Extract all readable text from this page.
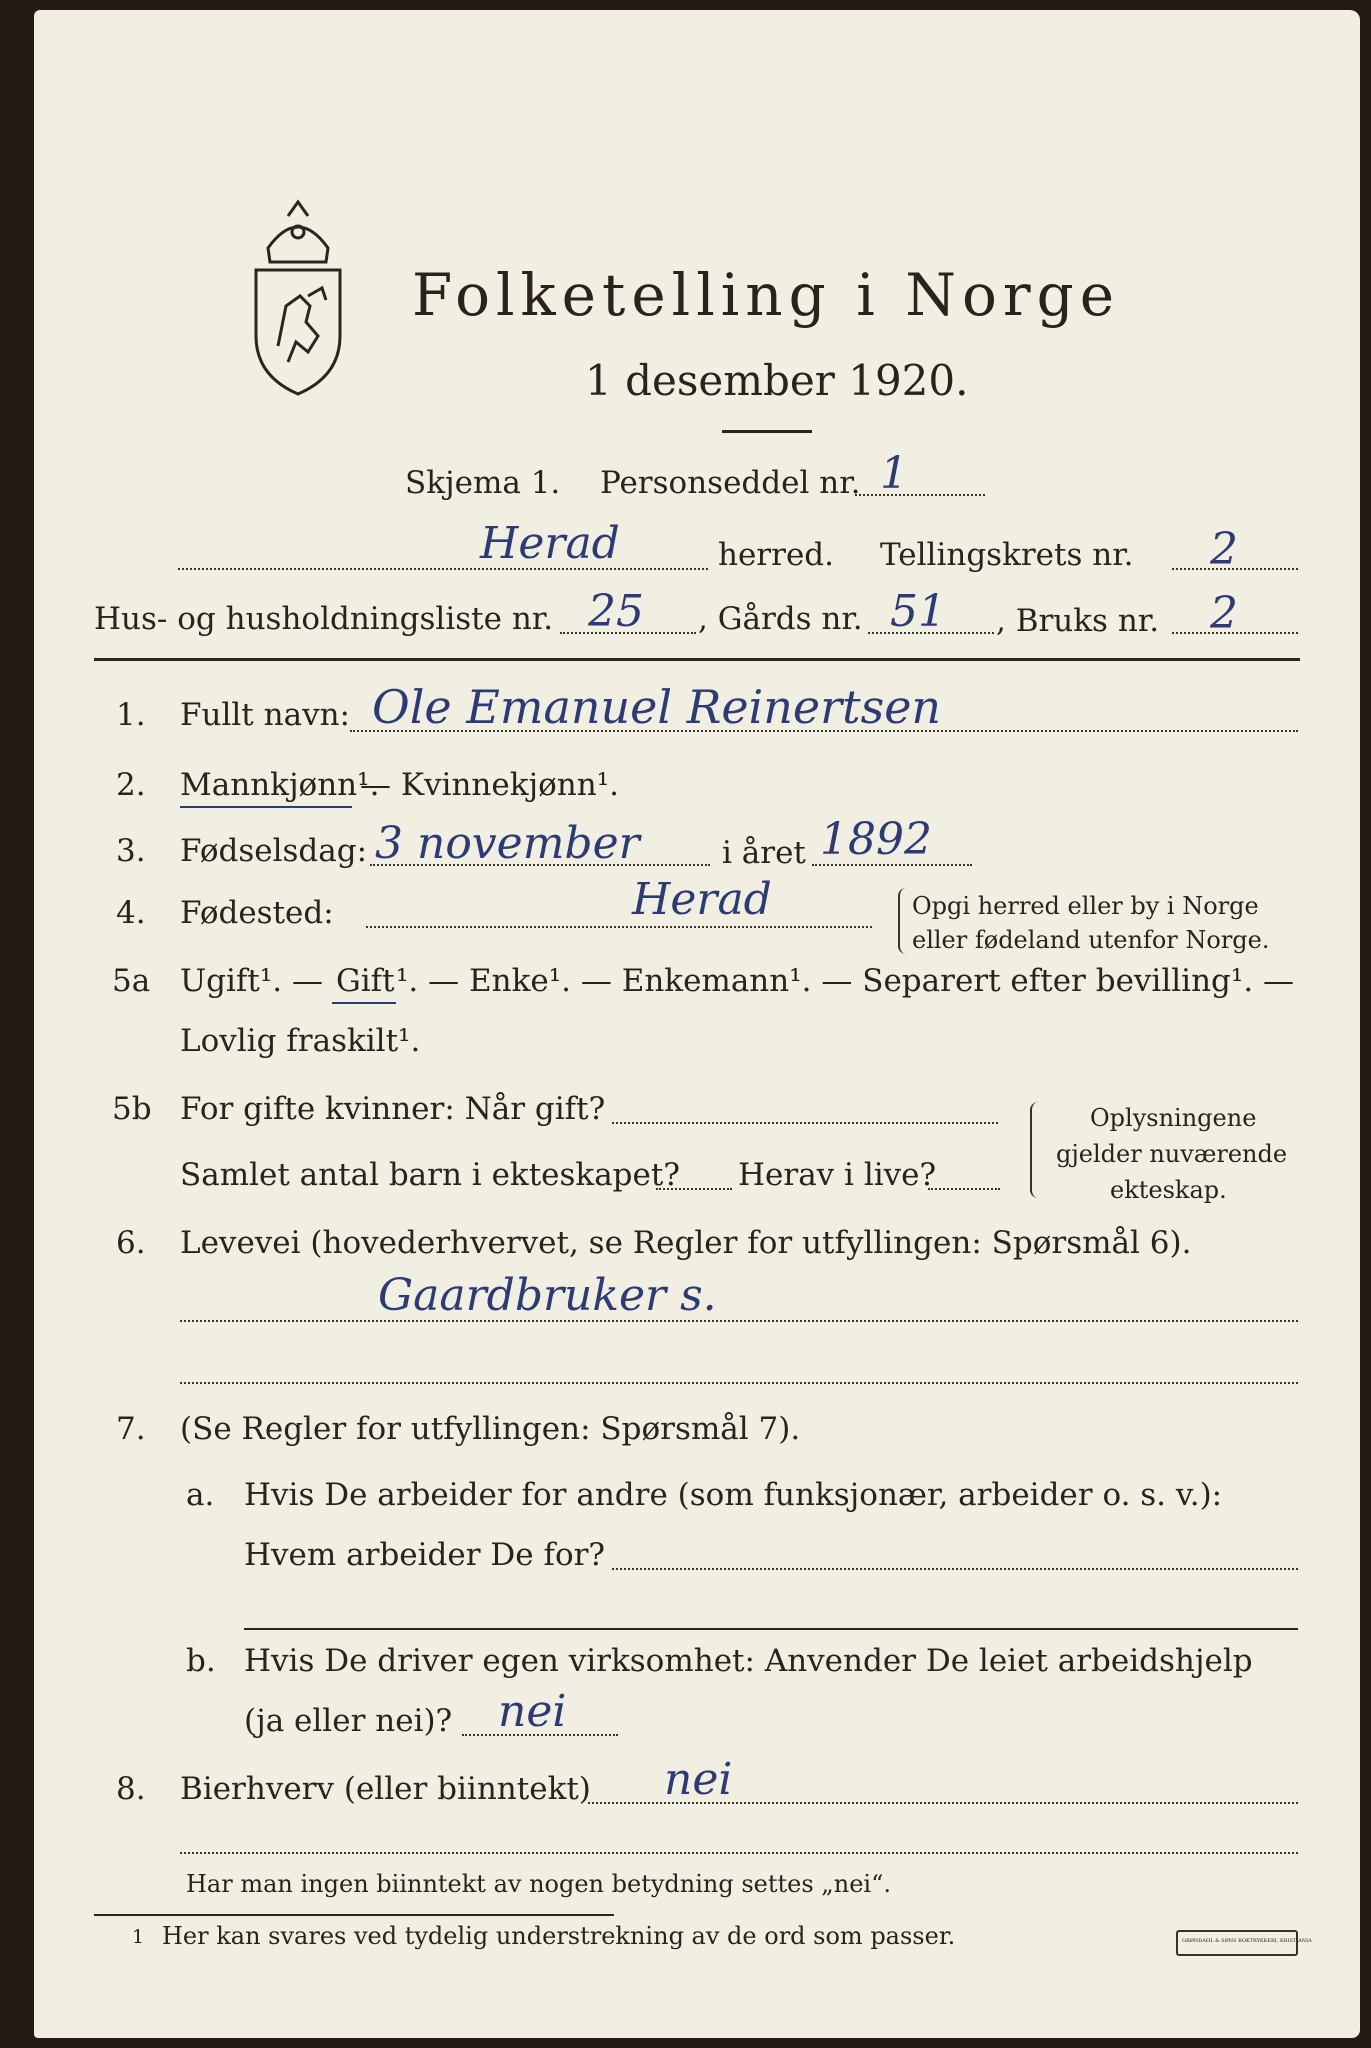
Folketelling i Norge
1 desember 1920.
Skjema 1. Personseddel nr. 1
Herad	herred. Tellingskrets nr. 2
Hus- og husholdningsliste nr. 25 , Gårds nr. 51 , Bruks nr. 2
1. Fullt navn: Ole Emanuel Reinertsen
2. Mannkjønn¹.
— Kvinnekjønn¹.
3. Fødselsdag: 3 november	i året 1892
4. Fødested:	Herad	Opgi herred eller by i Norge
eller fødeland utenfor Norge.
5a Ugift¹. — Gift ¹. — Enke¹. — Enkemann¹. — Separert efter bevilling¹. —
Lovlig fraskilt¹.
5b For gifte kvinner: Når gift?
Samlet antal barn i ekteskapet? Herav i live?
Oplysningene
gjelder nuværende
ekteskap.
6. Levevei (hovederhvervet, se Regler for utfyllingen: Spørsmål 6).
Gaardbruker s.
7. (Se Regler for utfyllingen: Spørsmål 7).
a. Hvis De arbeider for andre (som funksjonær, arbeider o. s. v.):
Hvem arbeider De for?
b. Hvis De driver egen virksomhet: Anvender De leiet arbeidshjelp
(ja eller nei)? nei
8. Bierhverv (eller biinntekt) nei
Har man ingen biinntekt av nogen betydning settes „nei“.
1 Her kan svares ved tydelig understrekning av de ord som passer.	GRØNDAHL & SØNS BOKTRYKKERI, KRISTIANIA
